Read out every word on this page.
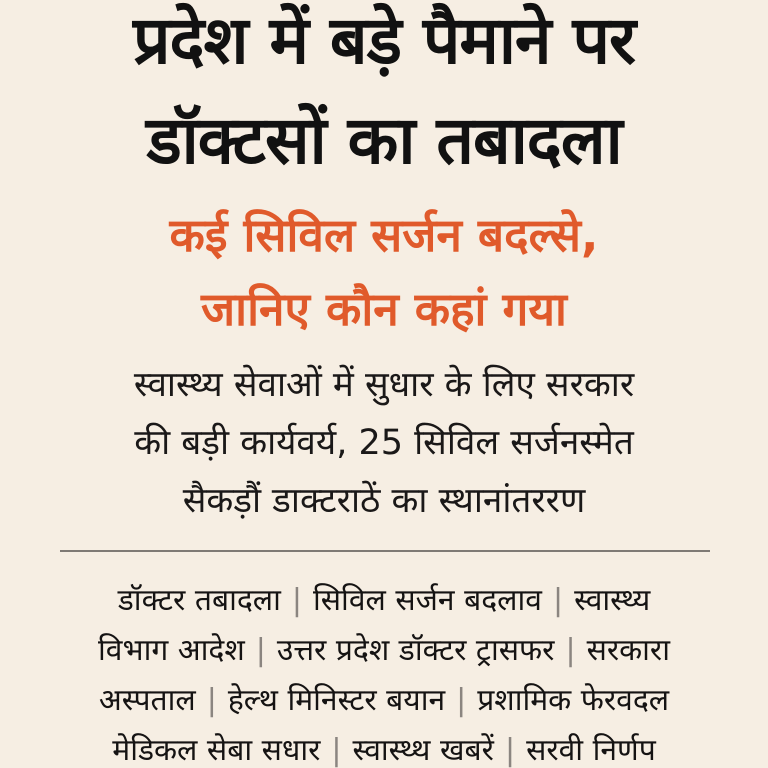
प्रदेश में बड़े पैमाने पर
डॉक्टसों का तबादला
कई सिविल सर्जन बदल्से,
जानिए कौन कहां गया
स्वास्थ्य सेवाओं में सुधार के लिए सरकार
की बड़ी कार्यवर्य, 25 सिविल सर्जनस्मेत
सैकड़ौं डाक्टराठें का स्थानांतररण
डॉक्टर तबादला | सिविल सर्जन बदलाव | स्वास्थ्य
विभाग आदेश | उत्तर प्रदेश डॉक्टर ट्रासफर | सरकारा
अस्पताल | हेल्थ मिनिस्टर बयान | प्रशामिक फेरवदल
मेडिकल सेबा सधार | स्वास्थ्थ खबरें | सरवी निर्णप
